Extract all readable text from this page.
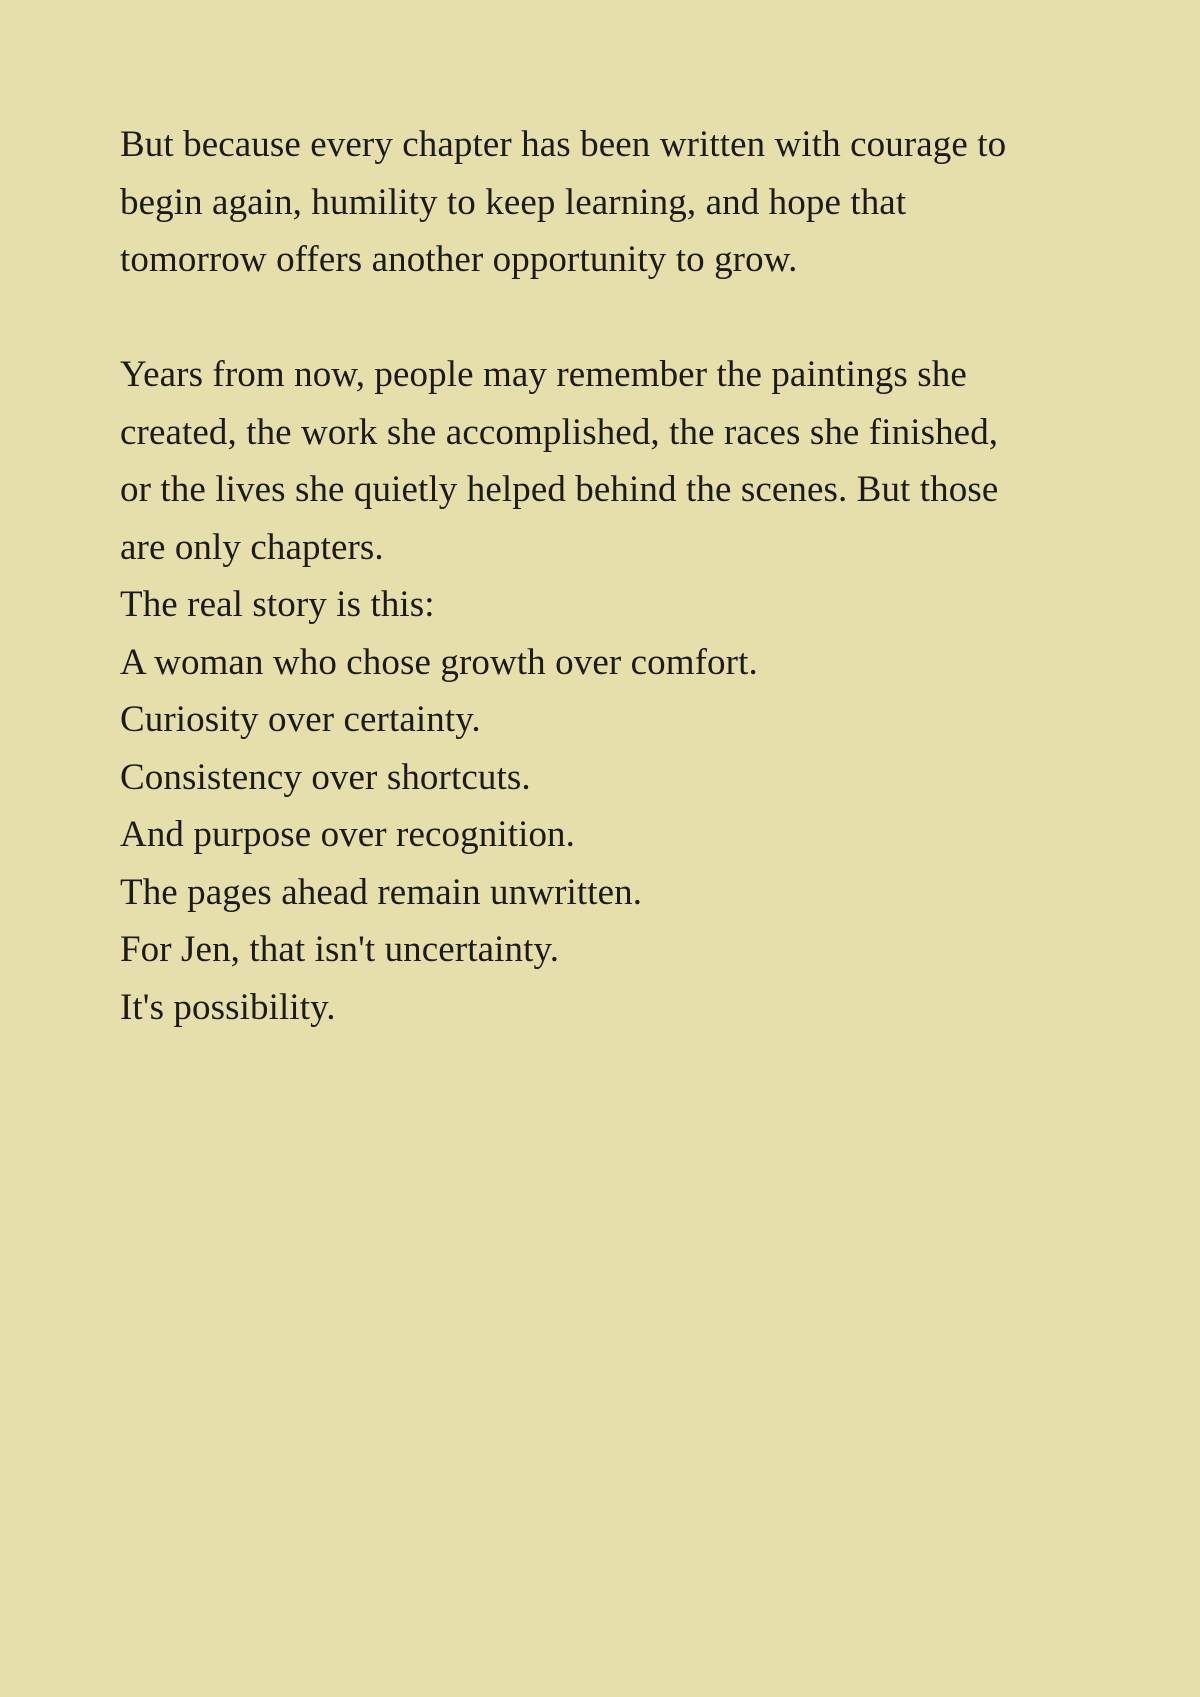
But because every chapter has been written with courage to
begin again, humility to keep learning, and hope that
tomorrow offers another opportunity to grow.
Years from now, people may remember the paintings she
created, the work she accomplished, the races she finished,
or the lives she quietly helped behind the scenes. But those
are only chapters.
The real story is this:
A woman who chose growth over comfort.
Curiosity over certainty.
Consistency over shortcuts.
And purpose over recognition.
The pages ahead remain unwritten.
For Jen, that isn't uncertainty.
It's possibility.
